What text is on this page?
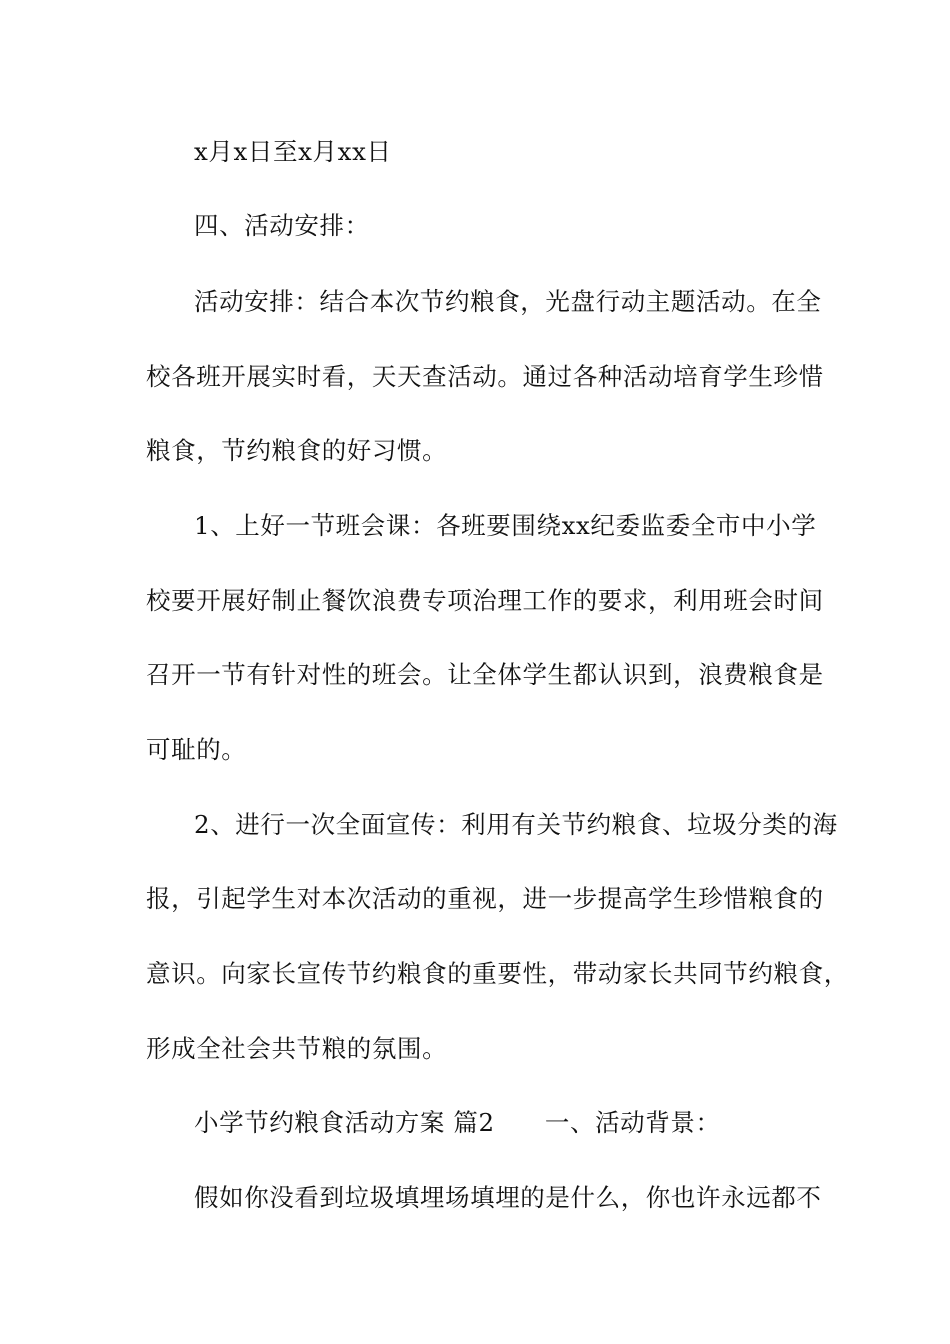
x月x日至x月xx日
四、活动安排：
活动安排：结合本次节约粮食，光盘行动主题活动。在全
校各班开展实时看，天天查活动。通过各种活动培育学生珍惜
粮食，节约粮食的好习惯。
1、上好一节班会课：各班要围绕xx纪委监委全市中小学
校要开展好制止餐饮浪费专项治理工作的要求，利用班会时间
召开一节有针对性的班会。让全体学生都认识到，浪费粮食是
可耻的。
2、进行一次全面宣传：利用有关节约粮食、垃圾分类的海
报，引起学生对本次活动的重视，进一步提高学生珍惜粮食的
意识。向家长宣传节约粮食的重要性，带动家长共同节约粮食，
形成全社会共节粮的氛围。
小学节约粮食活动方案 篇2　　一、活动背景：
假如你没看到垃圾填埋场填埋的是什么，你也许永远都不
